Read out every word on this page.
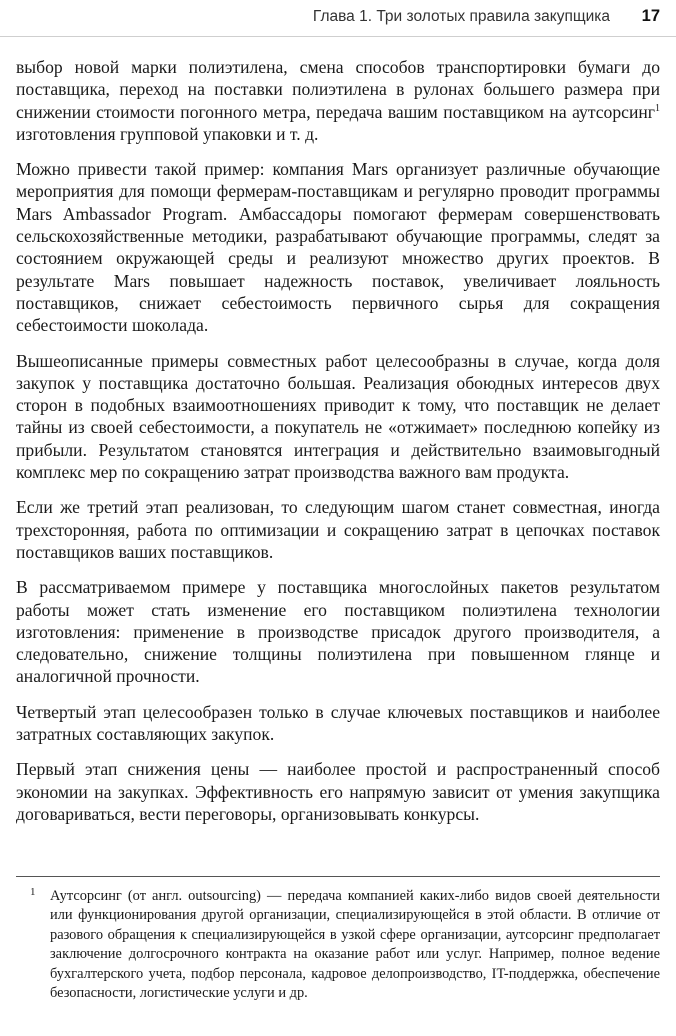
Глава 1. Три золотых правила закупщика 17

выбор новой марки полиэтилена, смена способов транспортировки бумаги до поставщика, переход на поставки полиэтилена в рулонах большего размера при снижении стоимости погонного метра, передача вашим поставщиком на аутсорсинг$^1$ изготовления групповой упаковки и т. д.

Можно привести такой пример: компания Mars организует различные обучающие мероприятия для помощи фермерам-поставщикам и регулярно проводит программы Mars Ambassador Program. Амбассадоры помогают фермерам совершенствовать сельскохозяйственные методики, разрабатывают обучающие программы, следят за состоянием окружающей среды и реализуют множество других проектов. В результате Mars повышает надежность поставок, увеличивает лояльность поставщиков, снижает себестоимость первичного сырья для сокращения себестоимости шоколада.

Вышеописанные примеры совместных работ целесообразны в случае, когда доля закупок у поставщика достаточно большая. Реализация обоюдных интересов двух сторон в подобных взаимоотношениях приводит к тому, что поставщик не делает тайны из своей себестоимости, а покупатель не «отжимает» последнюю копейку из прибыли. Результатом становятся интеграция и действительно взаимовыгодный комплекс мер по сокращению затрат производства важного вам продукта.

Если же третий этап реализован, то следующим шагом станет совместная, иногда трехсторонняя, работа по оптимизации и сокращению затрат в цепочках поставок поставщиков ваших поставщиков.

В рассматриваемом примере у поставщика многослойных пакетов результатом работы может стать изменение его поставщиком полиэтилена технологии изготовления: применение в производстве присадок другого производителя, а следовательно, снижение толщины полиэтилена при повышенном глянце и аналогичной прочности.

Четвертый этап целесообразен только в случае ключевых поставщиков и наиболее затратных составляющих закупок.

Первый этап снижения цены — наиболее простой и распространенный способ экономии на закупках. Эффективность его напрямую зависит от умения закупщика договариваться, вести переговоры, организовывать конкурсы.

1 Аутсорсинг (от англ. outsourcing) — передача компанией каких-либо видов своей деятельности или функционирования другой организации, специализирующейся в этой области. В отличие от разового обращения к специализирующейся в узкой сфере организации, аутсорсинг предполагает заключение долгосрочного контракта на оказание работ или услуг. Например, полное ведение бухгалтерского учета, подбор персонала, кадровое делопроизводство, IT-поддержка, обеспечение безопасности, логистические услуги и др.
